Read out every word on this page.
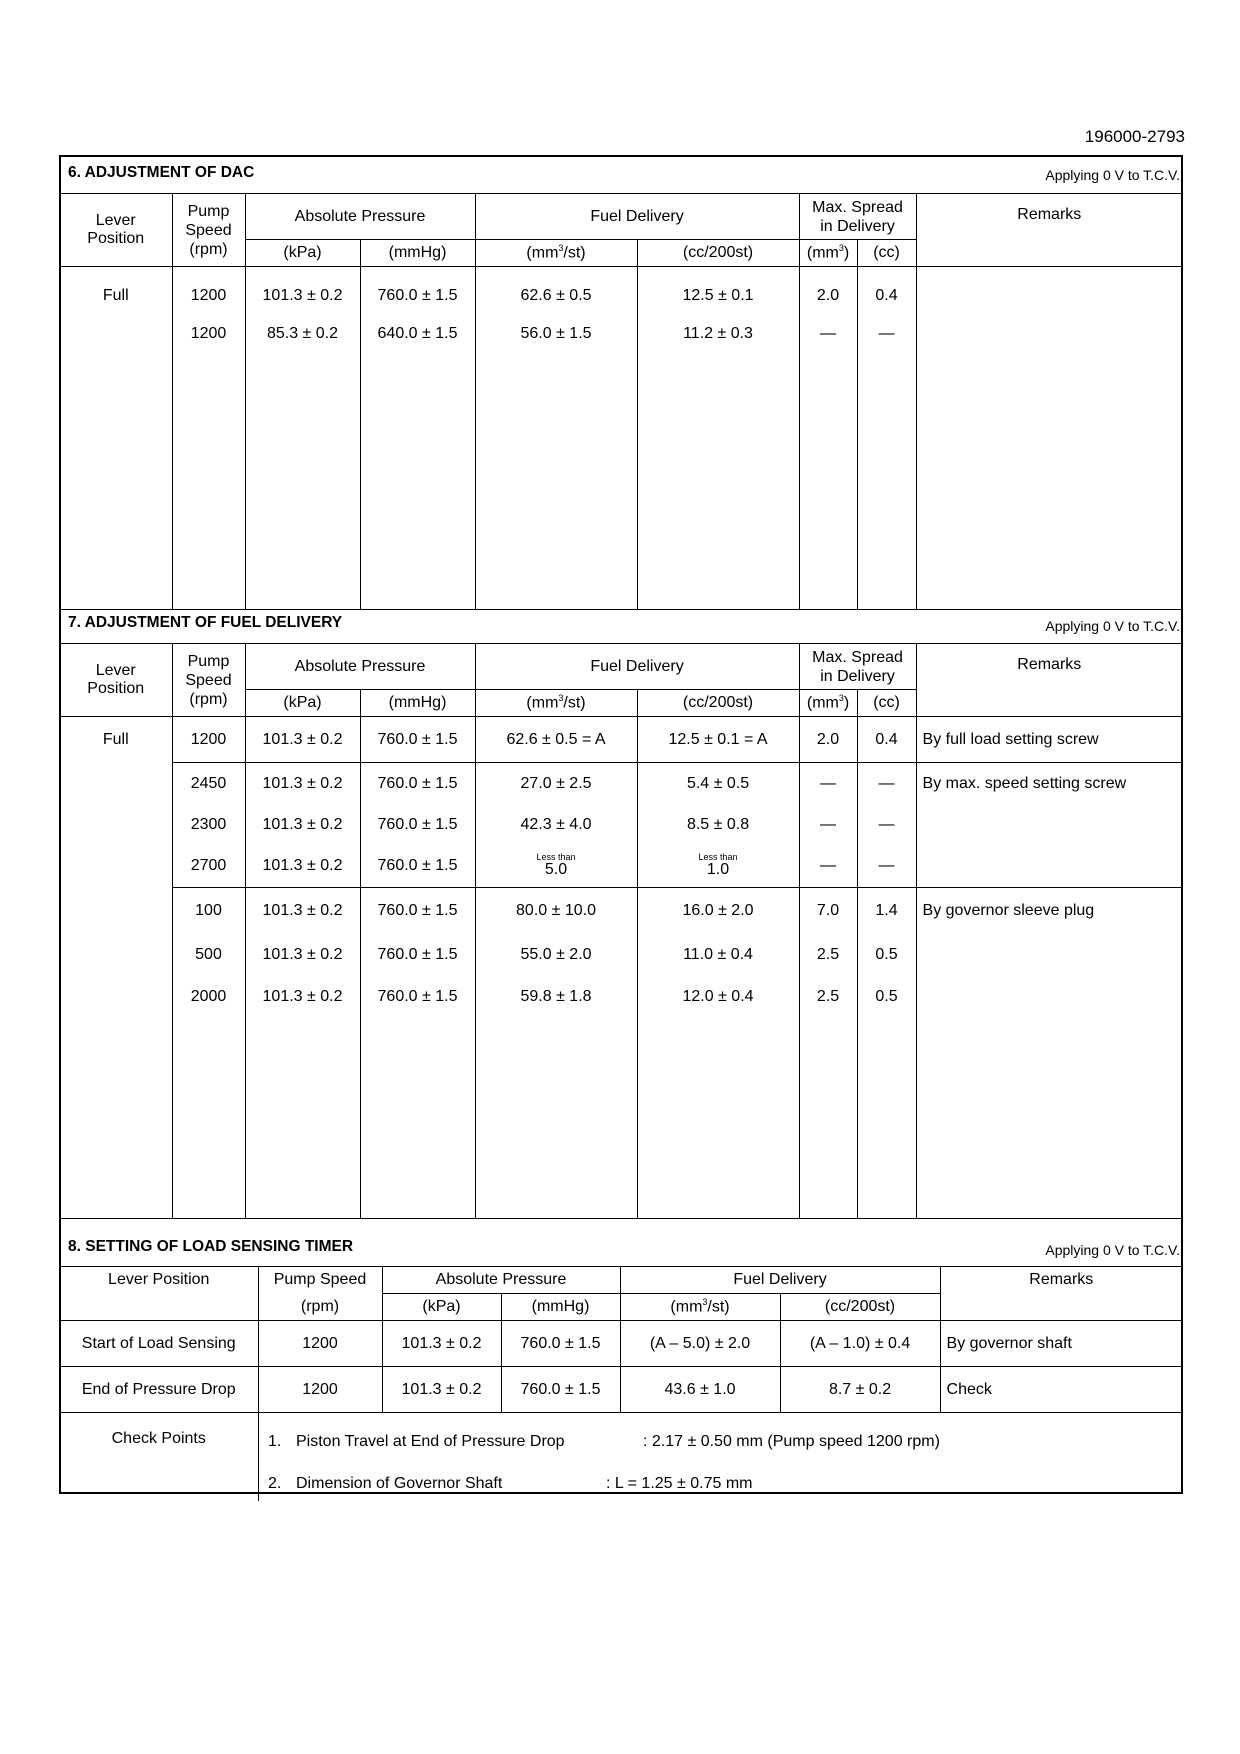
196000-2793
6. ADJUSTMENT OF DAC	Applying 0 V to T.C.V.
Lever
Position	Pump
Speed
(rpm)	Absolute Pressure		Fuel Delivery		Max. Spread
in Delivery		Remarks
		(kPa)	(mmHg)	$(mm^3/st)$	(cc/200st)	$(mm^3)$	(cc)	
Full	1200	101.3 ± 0.2	760.0 ± 1.5	62.6 ± 0.5	12.5 ± 0.1	2.0	0.4	
	1200	85.3 ± 0.2	640.0 ± 1.5	56.0 ± 1.5	11.2 ± 0.3	—	—	

7. ADJUSTMENT OF FUEL DELIVERY	Applying 0 V to T.C.V.
Lever
Position	Pump
Speed
(rpm)	Absolute Pressure		Fuel Delivery		Max. Spread
in Delivery		Remarks
		(kPa)	(mmHg)	$(mm^3/st)$	(cc/200st)	$(mm^3)$	(cc)	
Full	1200	101.3 ± 0.2	760.0 ± 1.5	62.6 ± 0.5 = A	12.5 ± 0.1 = A	2.0	0.4	By full load setting screw
	2450	101.3 ± 0.2	760.0 ± 1.5	27.0 ± 2.5	5.4 ± 0.5	—	—	By max. speed setting screw
	2300	101.3 ± 0.2	760.0 ± 1.5	42.3 ± 4.0	8.5 ± 0.8	—	—	
	2700	101.3 ± 0.2	760.0 ± 1.5	Less than
5.0	Less than
1.0	—	—	
	100	101.3 ± 0.2	760.0 ± 1.5	80.0 ± 10.0	16.0 ± 2.0	7.0	1.4	By governor sleeve plug
	500	101.3 ± 0.2	760.0 ± 1.5	55.0 ± 2.0	11.0 ± 0.4	2.5	0.5	
	2000	101.3 ± 0.2	760.0 ± 1.5	59.8 ± 1.8	12.0 ± 0.4	2.5	0.5	

8. SETTING OF LOAD SENSING TIMER	Applying 0 V to T.C.V.
Lever Position	Pump Speed	Absolute Pressure		Fuel Delivery		Remarks
	(rpm)	(kPa)	(mmHg)	$(mm^3/st)$	(cc/200st)	
Start of Load Sensing	1200	101.3 ± 0.2	760.0 ± 1.5	(A – 5.0) ± 2.0	(A – 1.0) ± 0.4	By governor shaft
End of Pressure Drop	1200	101.3 ± 0.2	760.0 ± 1.5	43.6 ± 1.0	8.7 ± 0.2	Check
Check Points							1. Piston Travel at End of Pressure Drop	: 2.17 ± 0.50 mm (Pump speed 1200 rpm)
2. Dimension of Governor Shaft	: L = 1.25 ± 0.75 mm
